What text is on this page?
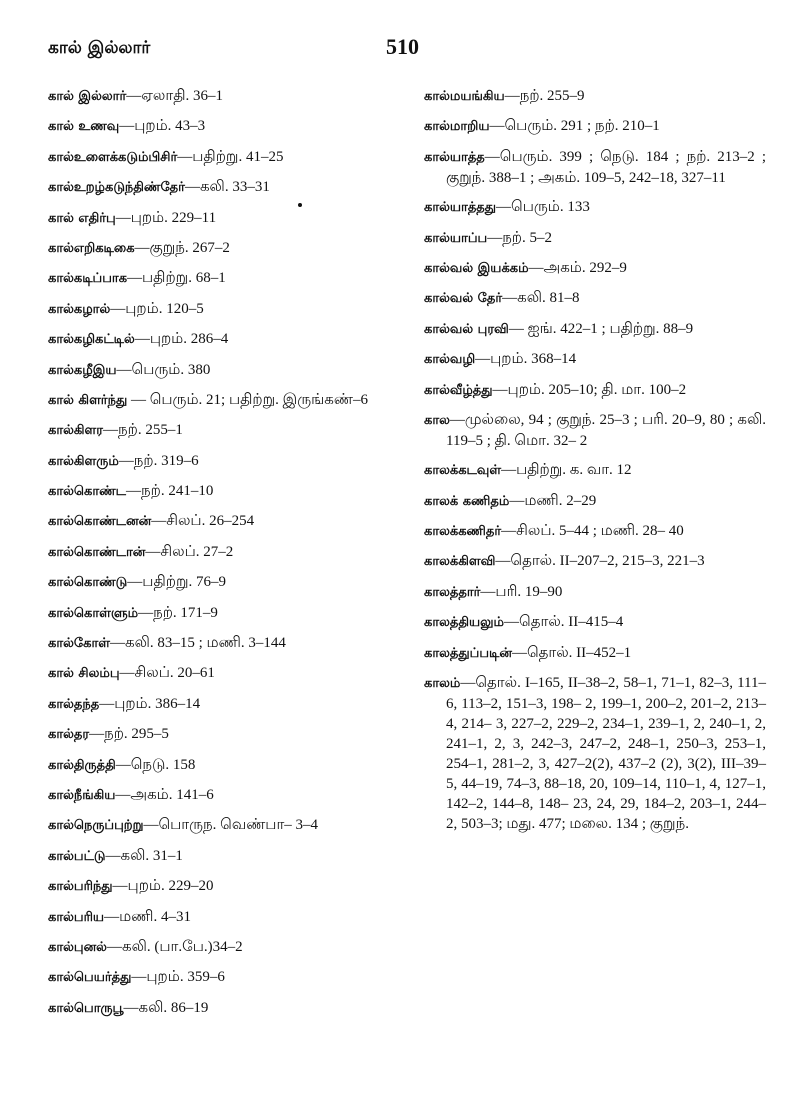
கால் இல்லார்	510
கால் இல்லார்—ஏலாதி. 36–1
கால் உணவு—புறம். 43–3
கால்உளைக்கடும்பிசிர்—பதிற்று. 41–25
கால்உறழ்கடுந்திண்தேர்—கலி. 33–31
கால் எதிர்பு—புறம். 229–11
கால்எறிகடிகை—குறுந். 267–2
கால்கடிப்பாக—பதிற்று. 68–1
கால்கழால்—புறம். 120–5
கால்கழிகட்டில்—புறம். 286–4
கால்கழீஇய—பெரும். 380
கால் கிளர்ந்து — பெரும். 21; பதிற்று. இருங்கண்–6
கால்கிளர—நற். 255–1
கால்கிளரும்—நற். 319–6
கால்கொண்ட—நற். 241–10
கால்கொண்டனன்—சிலப். 26–254
கால்கொண்டான்—சிலப். 27–2
கால்கொண்டு—பதிற்று. 76–9
கால்கொள்ளும்—நற். 171–9
கால்கோள்—கலி. 83–15 ; மணி. 3–144
கால் சிலம்பு—சிலப். 20–61
கால்தந்த—புறம். 386–14
கால்தர—நற். 295–5
கால்திருத்தி—நெடு. 158
கால்நீங்கிய—அகம். 141–6
கால்நெருப்புற்று—பொருந. வெண்பா– 3–4
கால்பட்டு—கலி. 31–1
கால்பரிந்து—புறம். 229–20
கால்பரிய—மணி. 4–31
கால்புனல்—கலி. (பா.பே.)34–2
கால்பெயர்த்து—புறம். 359–6
கால்பொருபூ—கலி. 86–19
கால்மயங்கிய—நற். 255–9
கால்மாறிய—பெரும். 291 ; நற். 210–1
கால்யாத்த—பெரும். 399 ; நெடு. 184 ; நற். 213–2 ; குறுந். 388–1 ; அகம். 109–5, 242–18, 327–11
கால்யாத்தது—பெரும். 133
கால்யாப்ப—நற். 5–2
கால்வல் இயக்கம்—அகம். 292–9
கால்வல் தேர்—கலி. 81–8
கால்வல் புரவி— ஐங். 422–1 ; பதிற்று. 88–9
கால்வழி—புறம். 368–14
கால்வீழ்த்து—புறம். 205–10; தி. மா. 100–2
கால—முல்லை, 94 ; குறுந். 25–3 ; பரி. 20–9, 80 ; கலி. 119–5 ; தி. மொ. 32– 2
காலக்கடவுள்—பதிற்று. க. வா. 12
காலக் கணிதம்—மணி. 2–29
காலக்கணிதர்—சிலப். 5–44 ; மணி. 28– 40
காலக்கிளவி—தொல். II–207–2, 215–3, 221–3
காலத்தார்—பரி. 19–90
காலத்தியலும்—தொல். II–415–4
காலத்துப்படின்—தொல். II–452–1
காலம்—தொல். I–165, II–38–2, 58–1, 71–1, 82–3, 111–6, 113–2, 151–3, 198– 2, 199–1, 200–2, 201–2, 213–4, 214– 3, 227–2, 229–2, 234–1, 239–1, 2, 240–1, 2, 241–1, 2, 3, 242–3, 247–2, 248–1, 250–3, 253–1, 254–1, 281–2, 3, 427–2(2), 437–2 (2), 3(2), III–39– 5, 44–19, 74–3, 88–18, 20, 109–14, 110–1, 4, 127–1, 142–2, 144–8, 148– 23, 24, 29, 184–2, 203–1, 244–2, 503–3; மது. 477; மலை. 134 ; குறுந்.
